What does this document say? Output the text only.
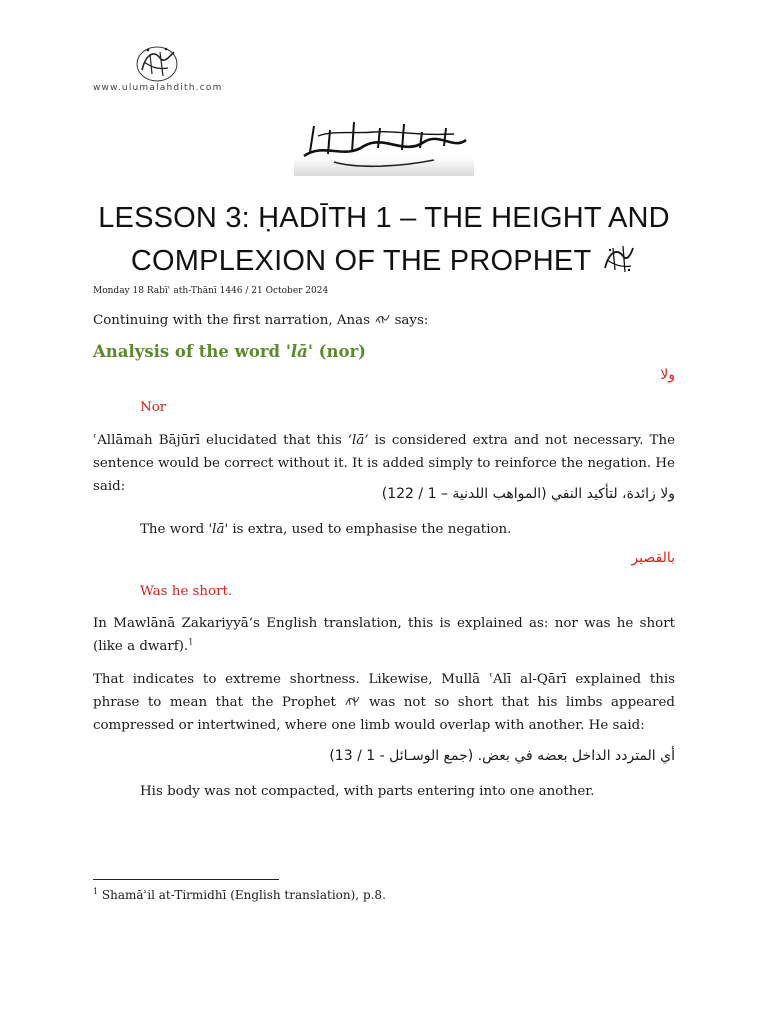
www.ulumalahdith.com
LESSON 3: ḤADĪTH 1 – THE HEIGHT AND
COMPLEXION OF THE PROPHET
Monday 18 Rabīʿ ath-Thānī 1446 / 21 October 2024

Continuing with the first narration, Anas says:

Analysis of the word 'lā' (nor)
ولا

Nor

ʿAllāmah Bājūrī elucidated that this ‘lā’ is considered extra and not necessary. The sentence would be correct without it. It is added simply to reinforce the negation. He said:	ولا زائدة، لتأكيد النفي (المواهب اللدنية – 1 / 122)

The word 'lā' is extra, used to emphasise the negation.

بالقصير

Was he short.

In Mawlānā Zakariyyā’s English translation, this is explained as: nor was he short (like a dwarf).$^1$

That indicates to extreme shortness. Likewise, Mullā ʿAlī al-Qārī explained this phrase to mean that the Prophet was not so short that his limbs appeared compressed or intertwined, where one limb would overlap with another. He said:

أي المتردد الداخل بعضه في بعض. (جمع الوسـائل - 1 / 13)

His body was not compacted, with parts entering into one another.

$^1$ Shamāʾil at-Tirmidhī (English translation), p.8.
